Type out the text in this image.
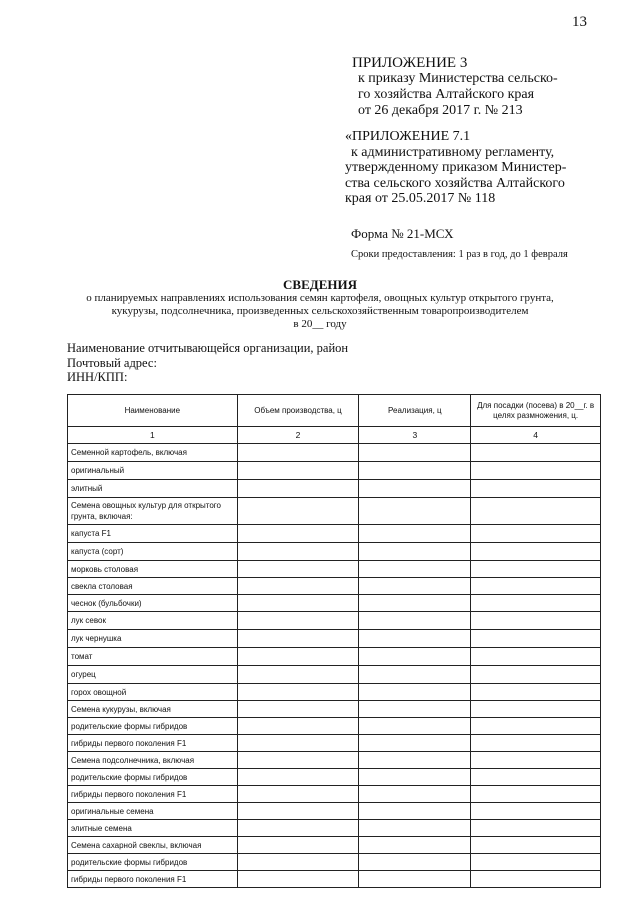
13
ПРИЛОЖЕНИЕ 3
к приказу Министерства сельско-
го хозяйства Алтайского края
от 26 декабря 2017 г. № 213
«ПРИЛОЖЕНИЕ 7.1
к административному регламенту,
утвержденному приказом Министер-
ства сельского хозяйства Алтайского
края от 25.05.2017 № 118
Форма № 21-МСХ
Сроки предоставления: 1 раз в год, до 1 февраля
СВЕДЕНИЯ
о планируемых направлениях использования семян картофеля, овощных культур открытого грунта,
кукурузы, подсолнечника, произведенных сельскохозяйственным товаропроизводителем
в 20__ году
Наименование отчитывающейся организации, район
Почтовый адрес:
ИНН/КПП:
Наименование	Объем производства, ц	Реализация, ц	Для посадки (посева) в 20__г. в целях размножения, ц.
1	2	3	4
Семенной картофель, включая			
оригинальный			
элитный			
Семена овощных культур для открытого грунта, включая:			
капуста F1			
капуста (сорт)			
морковь столовая			
свекла столовая			
чеснок (бульбочки)			
лук севок			
лук чернушка			
томат			
огурец			
горох овощной			
Семена кукурузы, включая			
родительские формы гибридов			
гибриды первого поколения F1			
Семена подсолнечника, включая			
родительские формы гибридов			
гибриды первого поколения F1			
оригинальные семена			
элитные семена			
Семена сахарной свеклы, включая			
родительские формы гибридов			
гибриды первого поколения F1			
